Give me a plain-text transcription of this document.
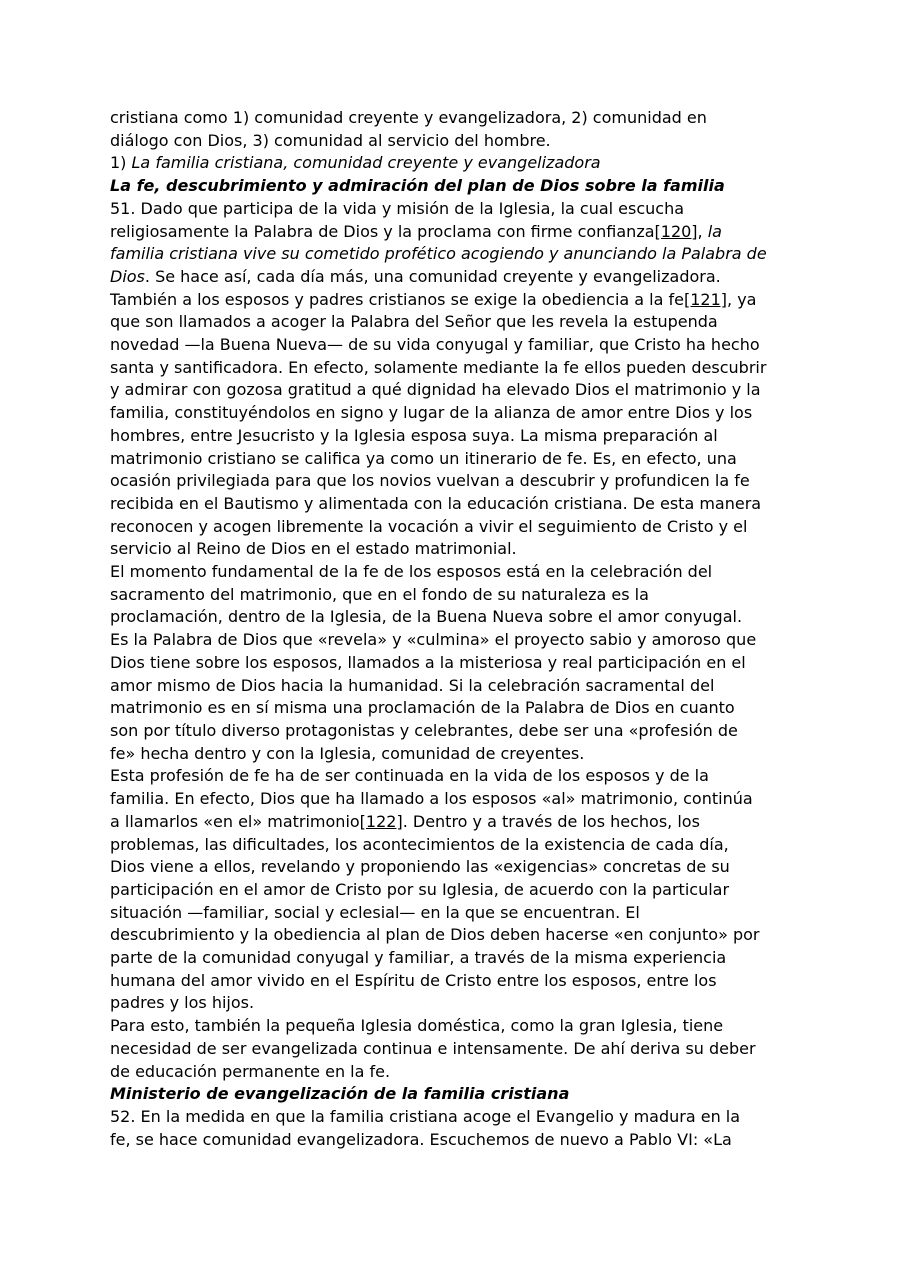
cristiana como 1) comunidad creyente y evangelizadora, 2) comunidad en

diálogo con Dios, 3) comunidad al servicio del hombre.

1) La familia cristiana, comunidad creyente y evangelizadora

La fe, descubrimiento y admiración del plan de Dios sobre la familia

51. Dado que participa de la vida y misión de la Iglesia, la cual escucha

religiosamente la Palabra de Dios y la proclama con firme confianza[120], la

familia cristiana vive su cometido profético acogiendo y anunciando la Palabra de

Dios. Se hace así, cada día más, una comunidad creyente y evangelizadora.

También a los esposos y padres cristianos se exige la obediencia a la fe[121], ya

que son llamados a acoger la Palabra del Señor que les revela la estupenda

novedad —la Buena Nueva— de su vida conyugal y familiar, que Cristo ha hecho

santa y santificadora. En efecto, solamente mediante la fe ellos pueden descubrir

y admirar con gozosa gratitud a qué dignidad ha elevado Dios el matrimonio y la

familia, constituyéndolos en signo y lugar de la alianza de amor entre Dios y los

hombres, entre Jesucristo y la Iglesia esposa suya. La misma preparación al

matrimonio cristiano se califica ya como un itinerario de fe. Es, en efecto, una

ocasión privilegiada para que los novios vuelvan a descubrir y profundicen la fe

recibida en el Bautismo y alimentada con la educación cristiana. De esta manera

reconocen y acogen libremente la vocación a vivir el seguimiento de Cristo y el

servicio al Reino de Dios en el estado matrimonial.

El momento fundamental de la fe de los esposos está en la celebración del

sacramento del matrimonio, que en el fondo de su naturaleza es la

proclamación, dentro de la Iglesia, de la Buena Nueva sobre el amor conyugal.

Es la Palabra de Dios que «revela» y «culmina» el proyecto sabio y amoroso que

Dios tiene sobre los esposos, llamados a la misteriosa y real participación en el

amor mismo de Dios hacia la humanidad. Si la celebración sacramental del

matrimonio es en sí misma una proclamación de la Palabra de Dios en cuanto

son por título diverso protagonistas y celebrantes, debe ser una «profesión de

fe» hecha dentro y con la Iglesia, comunidad de creyentes.

Esta profesión de fe ha de ser continuada en la vida de los esposos y de la

familia. En efecto, Dios que ha llamado a los esposos «al» matrimonio, continúa

a llamarlos «en el» matrimonio[122]. Dentro y a través de los hechos, los

problemas, las dificultades, los acontecimientos de la existencia de cada día,

Dios viene a ellos, revelando y proponiendo las «exigencias» concretas de su

participación en el amor de Cristo por su Iglesia, de acuerdo con la particular

situación —familiar, social y eclesial— en la que se encuentran. El

descubrimiento y la obediencia al plan de Dios deben hacerse «en conjunto» por

parte de la comunidad conyugal y familiar, a través de la misma experiencia

humana del amor vivido en el Espíritu de Cristo entre los esposos, entre los

padres y los hijos.

Para esto, también la pequeña Iglesia doméstica, como la gran Iglesia, tiene

necesidad de ser evangelizada continua e intensamente. De ahí deriva su deber

de educación permanente en la fe.

Ministerio de evangelización de la familia cristiana

52. En la medida en que la familia cristiana acoge el Evangelio y madura en la

fe, se hace comunidad evangelizadora. Escuchemos de nuevo a Pablo VI: «La
